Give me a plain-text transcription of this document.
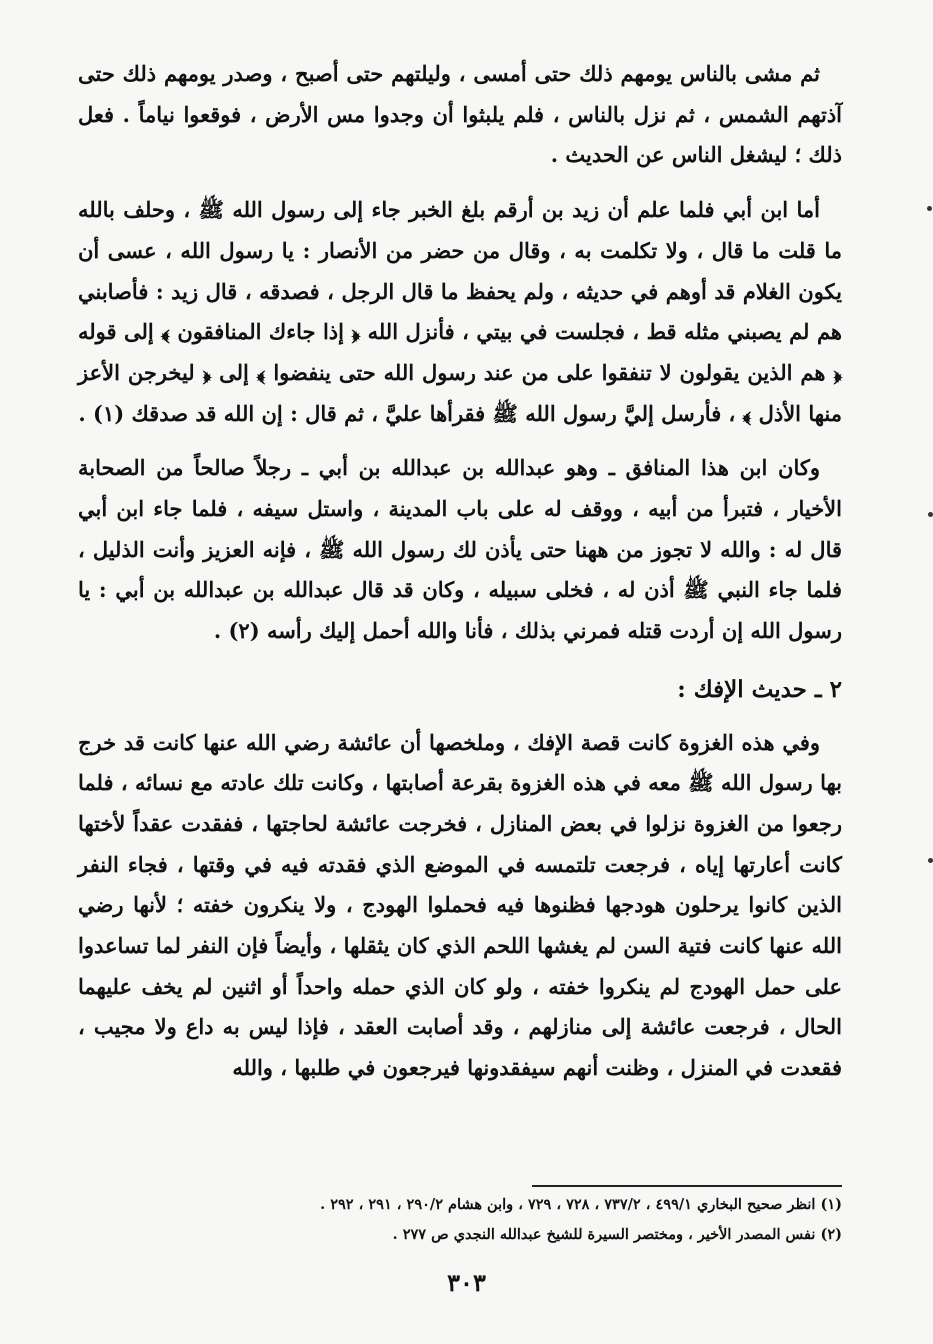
ثم مشى بالناس يومهم ذلك حتى أمسى ، وليلتهم حتى أصبح ، وصدر يومهم ذلك حتى آذتهم الشمس ، ثم نزل بالناس ، فلم يلبثوا أن وجدوا مس الأرض ، فوقعوا نياماً . فعل ذلك ؛ ليشغل الناس عن الحديث .

أما ابن أبي فلما علم أن زيد بن أرقم بلغ الخبر جاء إلى رسول الله ﷺ ، وحلف بالله ما قلت ما قال ، ولا تكلمت به ، وقال من حضر من الأنصار : يا رسول الله ، عسى أن يكون الغلام قد أوهم في حديثه ، ولم يحفظ ما قال الرجل ، فصدقه ، قال زيد : فأصابني هم لم يصبني مثله قط ، فجلست في بيتي ، فأنزل الله ﴿ إذا جاءك المنافقون ﴾ إلى قوله ﴿ هم الذين يقولون لا تنفقوا على من عند رسول الله حتى ينفضوا ﴾ إلى ﴿ ليخرجن الأعز منها الأذل ﴾ ، فأرسل إليَّ رسول الله ﷺ فقرأها عليَّ ، ثم قال : إن الله قد صدقك (١) .

وكان ابن هذا المنافق ـ وهو عبدالله بن عبدالله بن أبي ـ رجلاً صالحاً من الصحابة الأخيار ، فتبرأ من أبيه ، ووقف له على باب المدينة ، واستل سيفه ، فلما جاء ابن أبي قال له : والله لا تجوز من ههنا حتى يأذن لك رسول الله ﷺ ، فإنه العزيز وأنت الذليل ، فلما جاء النبي ﷺ أذن له ، فخلى سبيله ، وكان قد قال عبدالله بن عبدالله بن أبي : يا رسول الله إن أردت قتله فمرني بذلك ، فأنا والله أحمل إليك رأسه (٢) .

٢ ـ حديث الإفك :

وفي هذه الغزوة كانت قصة الإفك ، وملخصها أن عائشة رضي الله عنها كانت قد خرج بها رسول الله ﷺ معه في هذه الغزوة بقرعة أصابتها ، وكانت تلك عادته مع نسائه ، فلما رجعوا من الغزوة نزلوا في بعض المنازل ، فخرجت عائشة لحاجتها ، ففقدت عقداً لأختها كانت أعارتها إياه ، فرجعت تلتمسه في الموضع الذي فقدته فيه في وقتها ، فجاء النفر الذين كانوا يرحلون هودجها فظنوها فيه فحملوا الهودج ، ولا ينكرون خفته ؛ لأنها رضي الله عنها كانت فتية السن لم يغشها اللحم الذي كان يثقلها ، وأيضاً فإن النفر لما تساعدوا على حمل الهودج لم ينكروا خفته ، ولو كان الذي حمله واحداً أو اثنين لم يخف عليهما الحال ، فرجعت عائشة إلى منازلهم ، وقد أصابت العقد ، فإذا ليس به داع ولا مجيب ، فقعدت في المنزل ، وظنت أنهم سيفقدونها فيرجعون في طلبها ، والله

(١) انظر صحيح البخاري ٤٩٩/١ ، ٧٣٧/٢ ، ٧٢٨ ، ٧٢٩ ، وابن هشام ٢٩٠/٢ ، ٢٩١ ، ٢٩٢ .

(٢) نفس المصدر الأخير ، ومختصر السيرة للشيخ عبدالله النجدي ص ٢٧٧ .

٣٠٣
